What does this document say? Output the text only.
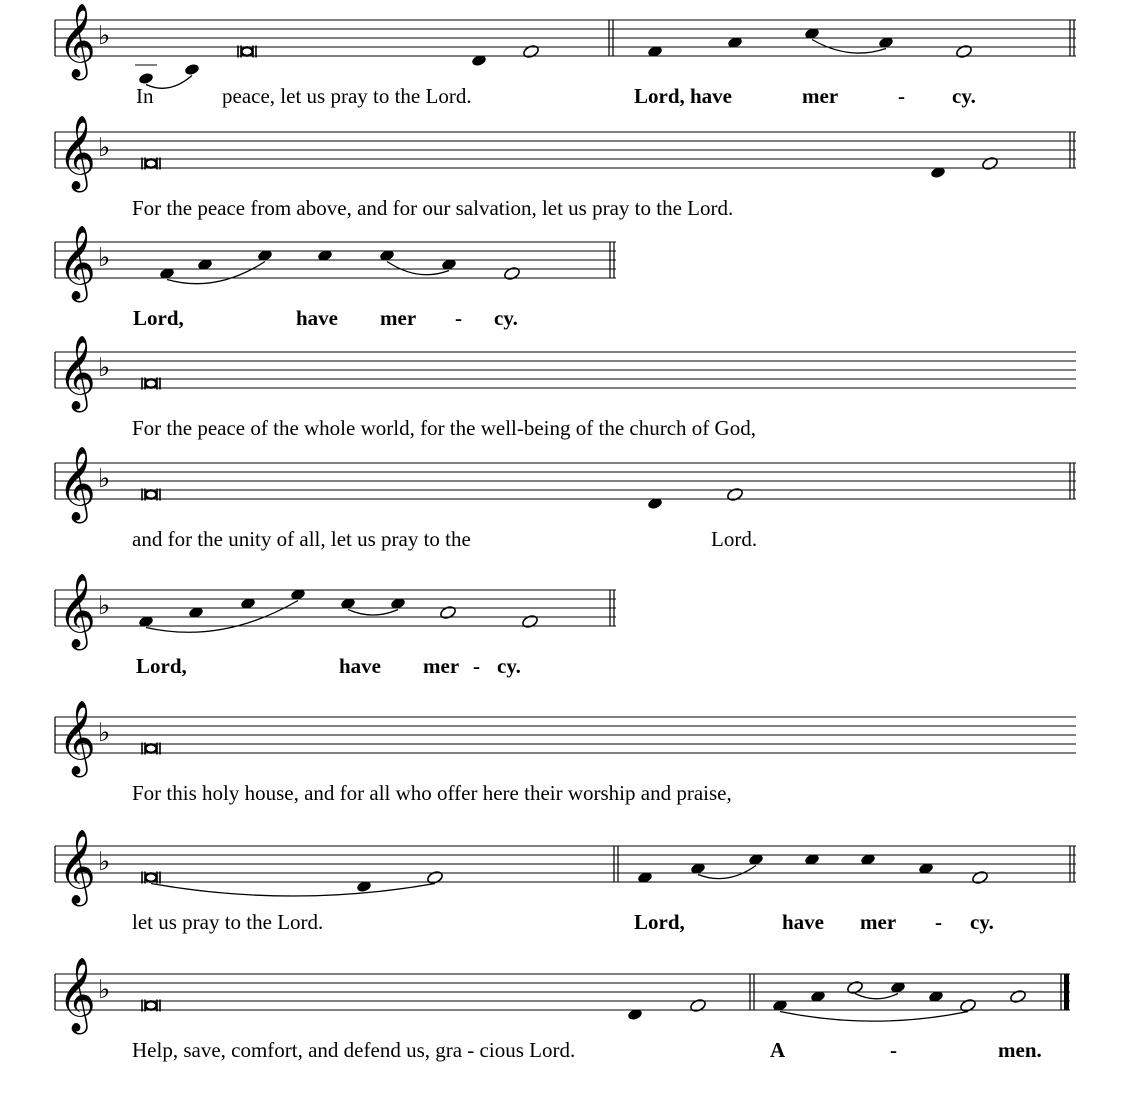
𝄞 ♭
In	peace, let us pray to the Lord.	Lord, have	mer	- cy.
𝄞 ♭
For the peace from above, and for our salvation, let us pray to the Lord.
𝄞 ♭
Lord,	have mer - cy.
𝄞 ♭
For the peace of the whole world, for the well-being of the church of God,
𝄞 ♭
and for the unity of all, let us pray to the	Lord.
𝄞 ♭
Lord,	have mer - cy.
𝄞 ♭
For this holy house, and for all who offer here their worship and praise,
𝄞 ♭
let us pray to the Lord.	Lord,	have mer - cy.
𝄞 ♭
Help, save, comfort, and defend us, gra - cious Lord.	A	-	men.
